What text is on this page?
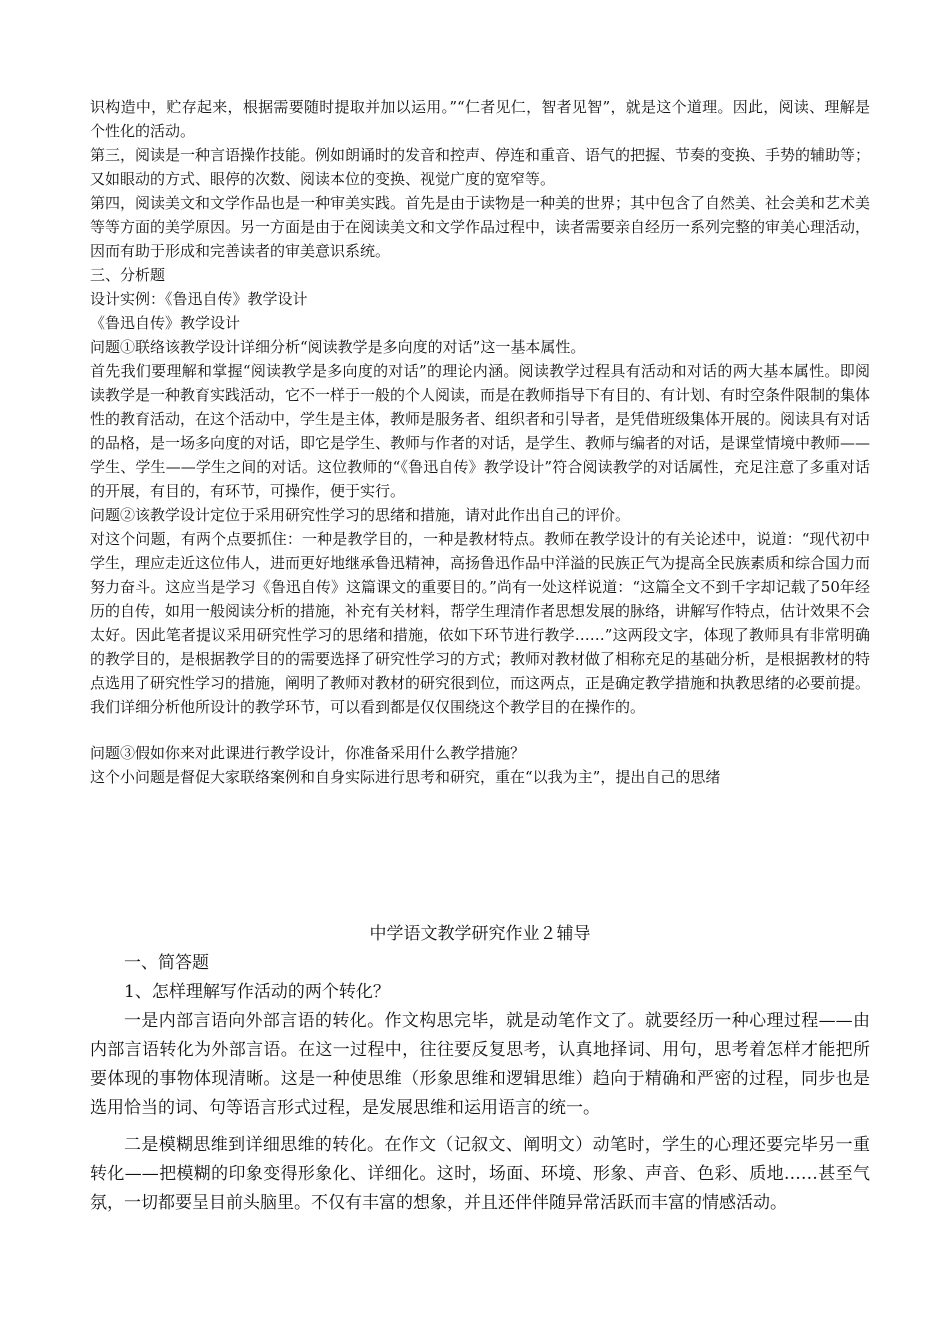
识构造中，贮存起来，根据需要随时提取并加以运用。”“仁者见仁，智者见智”，就是这个道理。因此，阅读、理解是个性化的活动。

第三，阅读是一种言语操作技能。例如朗诵时的发音和控声、停连和重音、语气的把握、节奏的变换、手势的辅助等；又如眼动的方式、眼停的次数、阅读本位的变换、视觉广度的宽窄等。

第四，阅读美文和文学作品也是一种审美实践。首先是由于读物是一种美的世界；其中包含了自然美、社会美和艺术美等等方面的美学原因。另一方面是由于在阅读美文和文学作品过程中，读者需要亲自经历一系列完整的审美心理活动，因而有助于形成和完善读者的审美意识系统。

三、分析题

设计实例：《鲁迅自传》教学设计

《鲁迅自传》教学设计

问题①联络该教学设计详细分析“阅读教学是多向度的对话”这一基本属性。

首先我们要理解和掌握“阅读教学是多向度的对话”的理论内涵。阅读教学过程具有活动和对话的两大基本属性。即阅读教学是一种教育实践活动，它不一样于一般的个人阅读，而是在教师指导下有目的、有计划、有时空条件限制的集体性的教育活动，在这个活动中，学生是主体，教师是服务者、组织者和引导者，是凭借班级集体开展的。阅读具有对话的品格，是一场多向度的对话，即它是学生、教师与作者的对话，是学生、教师与编者的对话，是课堂情境中教师——学生、学生——学生之间的对话。这位教师的“《鲁迅自传》教学设计”符合阅读教学的对话属性，充足注意了多重对话的开展，有目的，有环节，可操作，便于实行。

问题②该教学设计定位于采用研究性学习的思绪和措施，请对此作出自己的评价。

对这个问题，有两个点要抓住：一种是教学目的，一种是教材特点。教师在教学设计的有关论述中，说道：“现代初中学生，理应走近这位伟人，进而更好地继承鲁迅精神，高扬鲁迅作品中洋溢的民族正气为提高全民族素质和综合国力而努力奋斗。这应当是学习《鲁迅自传》这篇课文的重要目的。”尚有一处这样说道：“这篇全文不到千字却记载了50年经历的自传，如用一般阅读分析的措施，补充有关材料，帮学生理清作者思想发展的脉络，讲解写作特点，估计效果不会太好。因此笔者提议采用研究性学习的思绪和措施，依如下环节进行教学……”这两段文字，体现了教师具有非常明确的教学目的，是根据教学目的的需要选择了研究性学习的方式；教师对教材做了相称充足的基础分析，是根据教材的特点选用了研究性学习的措施，阐明了教师对教材的研究很到位，而这两点，正是确定教学措施和执教思绪的必要前提。我们详细分析他所设计的教学环节，可以看到都是仅仅围绕这个教学目的在操作的。

问题③假如你来对此课进行教学设计，你准备采用什么教学措施？

这个小问题是督促大家联络案例和自身实际进行思考和研究，重在“以我为主”，提出自己的思绪

中学语文教学研究作业２辅导

一、简答题

1、怎样理解写作活动的两个转化？

一是内部言语向外部言语的转化。作文构思完毕，就是动笔作文了。就要经历一种心理过程——由内部言语转化为外部言语。在这一过程中，往往要反复思考，认真地择词、用句，思考着怎样才能把所要体现的事物体现清晰。这是一种使思维（形象思维和逻辑思维）趋向于精确和严密的过程，同步也是选用恰当的词、句等语言形式过程，是发展思维和运用语言的统一。

二是模糊思维到详细思维的转化。在作文（记叙文、阐明文）动笔时，学生的心理还要完毕另一重转化——把模糊的印象变得形象化、详细化。这时，场面、环境、形象、声音、色彩、质地……甚至气氛，一切都要呈目前头脑里。不仅有丰富的想象，并且还伴伴随异常活跃而丰富的情感活动。
